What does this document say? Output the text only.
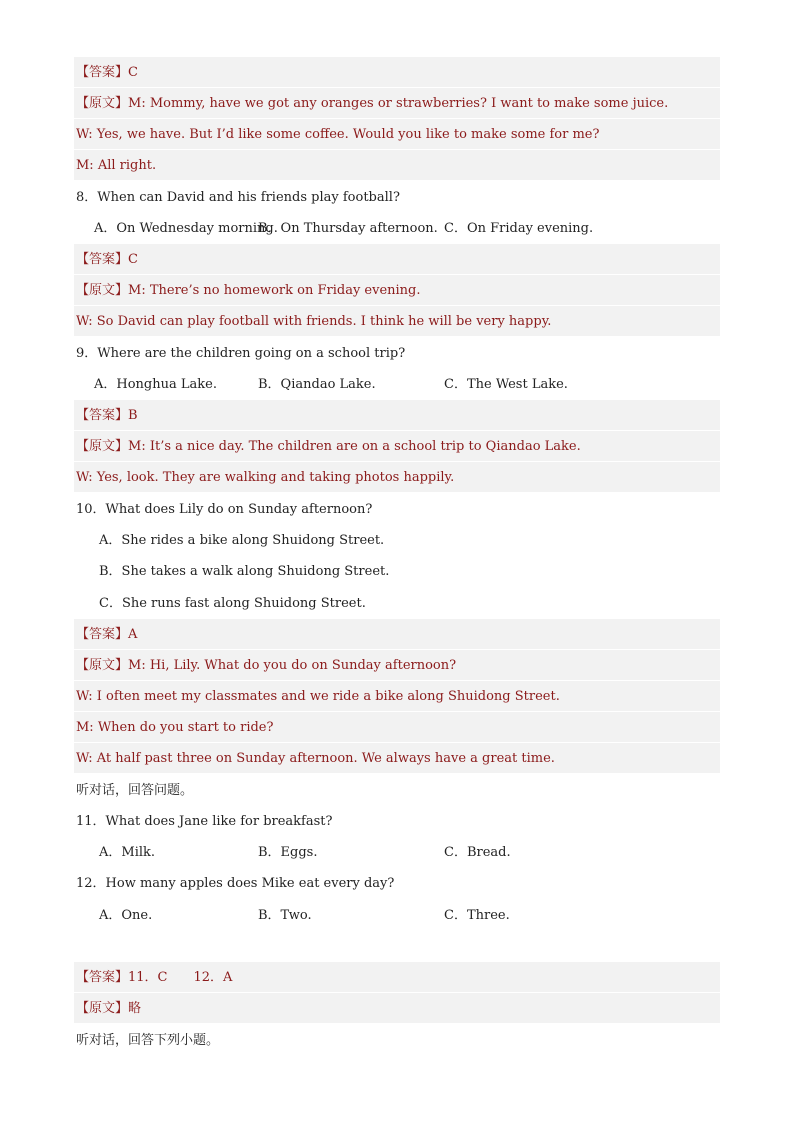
【答案】C
【原文】M: Mommy, have we got any oranges or strawberries? I want to make some juice.
W: Yes, we have. But I’d like some coffee. Would you like to make some for me?
M: All right.
8．When can David and his friends play football?
A．On Wednesday morning.
B．On Thursday afternoon. C．On Friday evening.
【答案】C
【原文】M: There’s no homework on Friday evening.
W: So David can play football with friends. I think he will be very happy.
9．Where are the children going on a school trip?
A．Honghua Lake.	B．Qiandao Lake.	C．The West Lake.
【答案】B
【原文】M: It’s a nice day. The children are on a school trip to Qiandao Lake.
W: Yes, look. They are walking and taking photos happily.
10．What does Lily do on Sunday afternoon?
A．She rides a bike along Shuidong Street.
B．She takes a walk along Shuidong Street.
C．She runs fast along Shuidong Street.
【答案】A
【原文】M: Hi, Lily. What do you do on Sunday afternoon?
W: I often meet my classmates and we ride a bike along Shuidong Street.
M: When do you start to ride?
W: At half past three on Sunday afternoon. We always have a great time.
听对话，回答问题。
11．What does Jane like for breakfast?
A．Milk.	B．Eggs.	C．Bread.
12．How many apples does Mike eat every day?
A．One.	B．Two.	C．Three.
【答案】11．C　　12．A
【原文】略
听对话，回答下列小题。
